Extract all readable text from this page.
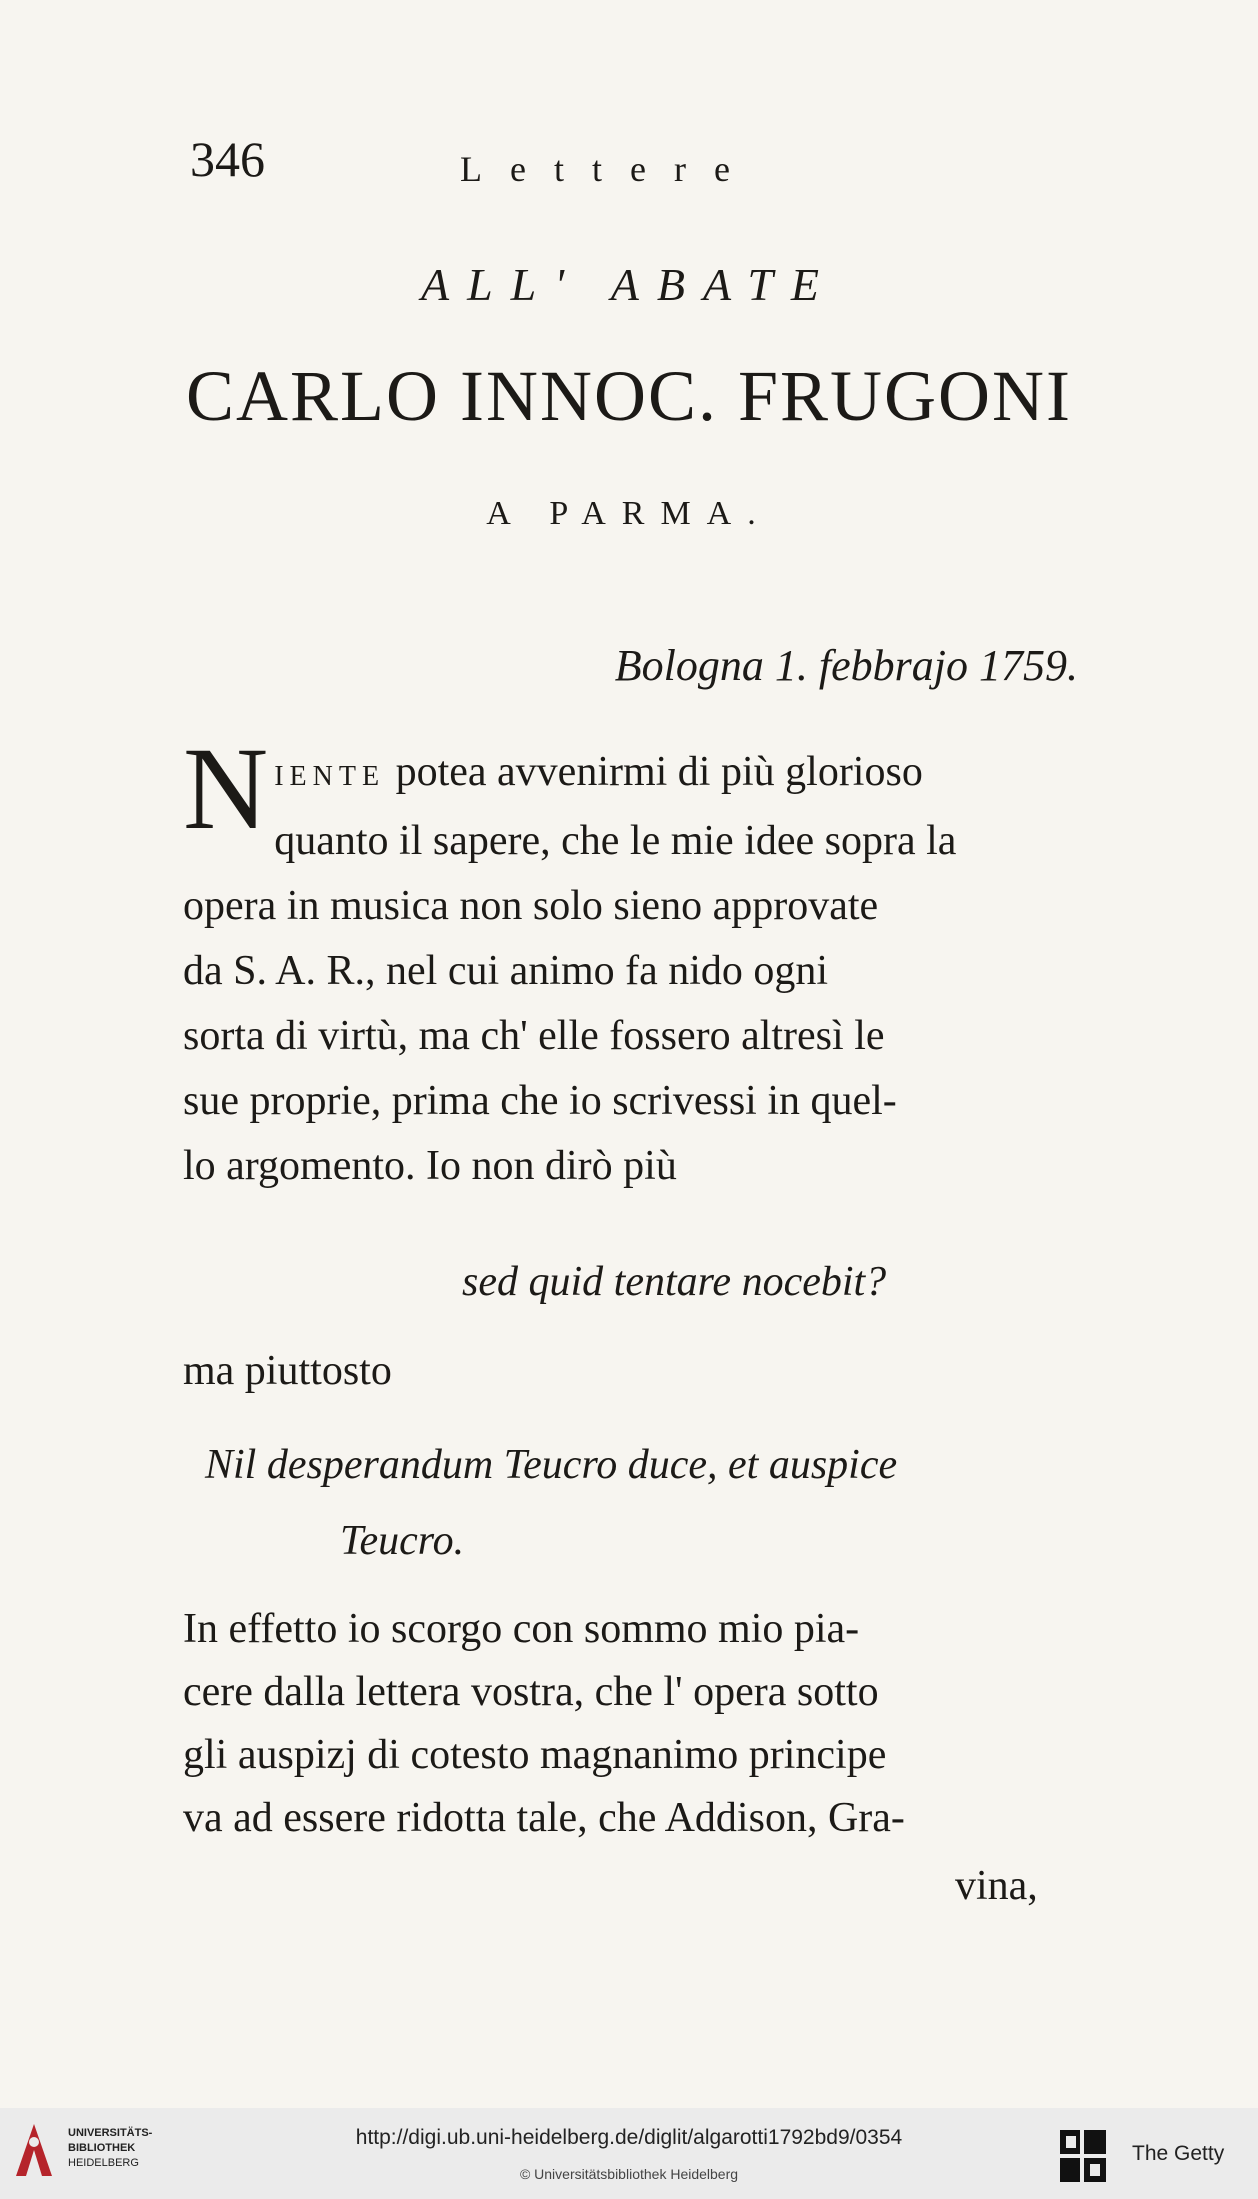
346	Lettere
ALL' ABATE
CARLO INNOC. FRUGONI
A PARMA.
Bologna 1. febbrajo 1759.
N IENTE potea avvenirmi di più glorioso
quanto il sapere, che le mie idee sopra la
opera in musica non solo sieno approvate
da S. A. R., nel cui animo fa nido ogni
sorta di virtù, ma ch' elle fossero altresì le
sue proprie, prima che io scrivessi in quel-
lo argomento. Io non dirò più
sed quid tentare nocebit?
ma piuttosto
Nil desperandum Teucro duce, et auspice
Teucro.
In effetto io scorgo con sommo mio pia-
cere dalla lettera vostra, che l' opera sotto
gli auspizj di cotesto magnanimo principe
va ad essere ridotta tale, che Addison, Gra-
vina,
UNIVERSITÄTS-
BIBLIOTHEK
HEIDELBERG
http://digi.ub.uni-heidelberg.de/diglit/algarotti1792bd9/0354
© Universitätsbibliothek Heidelberg
The Getty
